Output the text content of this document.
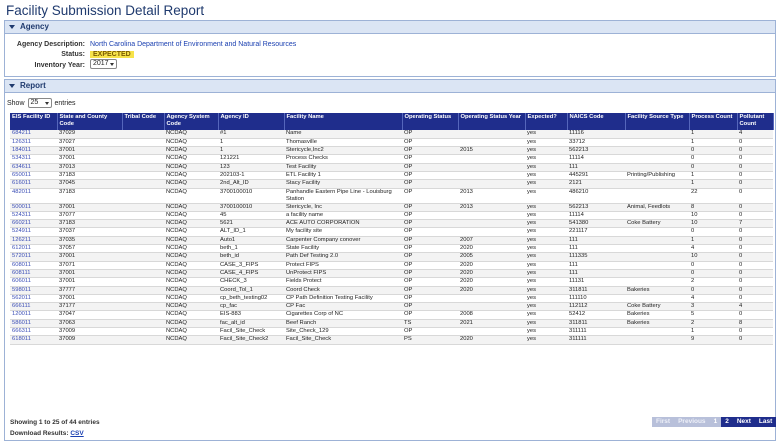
Facility Submission Detail Report
Agency
Agency Description: North Carolina Department of Environment and Natural Resources
Status:	EXPECTED
Inventory Year:	2017
Report
Show 25	entries
EIS Facility ID	State and County Code	Tribal Code	Agency System Code	Agency ID	Facility Name	Operating Status	Operating Status Year	Expected?	NAICS Code	Facility Source Type	Process Count	Pollutant Count
684211	37029		NCDAQ	#1	Name	OP		yes	11116		1	4
126311	37027		NCDAQ	1	Thomasville	OP		yes	33712		1	0
184011	37001		NCDAQ	1	Stericycle,Inc2	OP	2015	yes	562213		0	0
534311	37001		NCDAQ	121221	Process Checks	OP		yes	11114		0	0
634611	37013		NCDAQ	123	Test Facility	OP		yes	111		0	0
650011	37183		NCDAQ	202103-1	ETL Facility 1	OP		yes	445291	Printing/Publishing	1	0
616011	37045		NCDAQ	2nd_Alt_ID	Stacy Facility	OP		yes	2121		1	0
482011	37183		NCDAQ	3700100010	Panhandle Eastern Pipe Line - Louisburg Station	OP	2013	yes	486210		22	0
500011	37001		NCDAQ	3700100010	Stericycle, Inc	OP	2013	yes	562213	Animal, Feedlots	8	0
524311	37077		NCDAQ	45	a facility name	OP		yes	11114		10	0
660211	37183		NCDAQ	5621	ACE AUTO CORPORATION	OP		yes	541380	Coke Battery	10	7
524911	37037		NCDAQ	ALT_ID_1	My facility site	OP		yes	221117		0	0
126211	37035		NCDAQ	Auto1	Carpenter Company conover	OP	2007	yes	111		1	0
612011	37057		NCDAQ	beth_1	State Facility	OP	2020	yes	111		4	0
572011	37001		NCDAQ	beth_id	Path Def Testing 2.0	OP	2005	yes	111335		10	0
608011	37071		NCDAQ	CASE_3_FIPS	Protect FIPS	OP	2020	yes	111		0	0
608111	37001		NCDAQ	CASE_4_FIPS	UnProtect FIPS	OP	2020	yes	111		0	0
606011	37001		NCDAQ	CHECK_3	Fields Protect	OP	2020	yes	11131		2	0
598011	37777		NCDAQ	Coord_Tol_1	Coord Check	OP	2020	yes	311811	Bakeries	0	0
562011	37001		NCDAQ	cp_beth_testing02	CP Path Definition Testing Facility	OP		yes	111110		4	0
666111	37177		NCDAQ	cp_fac	CP Fac	OP		yes	112112	Coke Battery	3	4
120011	37047		NCDAQ	EIS-883	Cigarettes Corp of NC	OP	2008	yes	52412	Bakeries	5	0
586011	37063		NCDAQ	fac_alt_id	Beef Ranch	TS	2021	yes	311811	Bakeries	2	8
666311	37009		NCDAQ	Facil_Site_Check	Site_Check_129	OP		yes	311111		1	0
618011	37009		NCDAQ	Facil_Site_Check2	Facil_Site_Check	PS	2020	yes	311111		9	0
Showing 1 to 25 of 44 entries
Download Results: CSV
First	Previous	1	2	Next	Last
